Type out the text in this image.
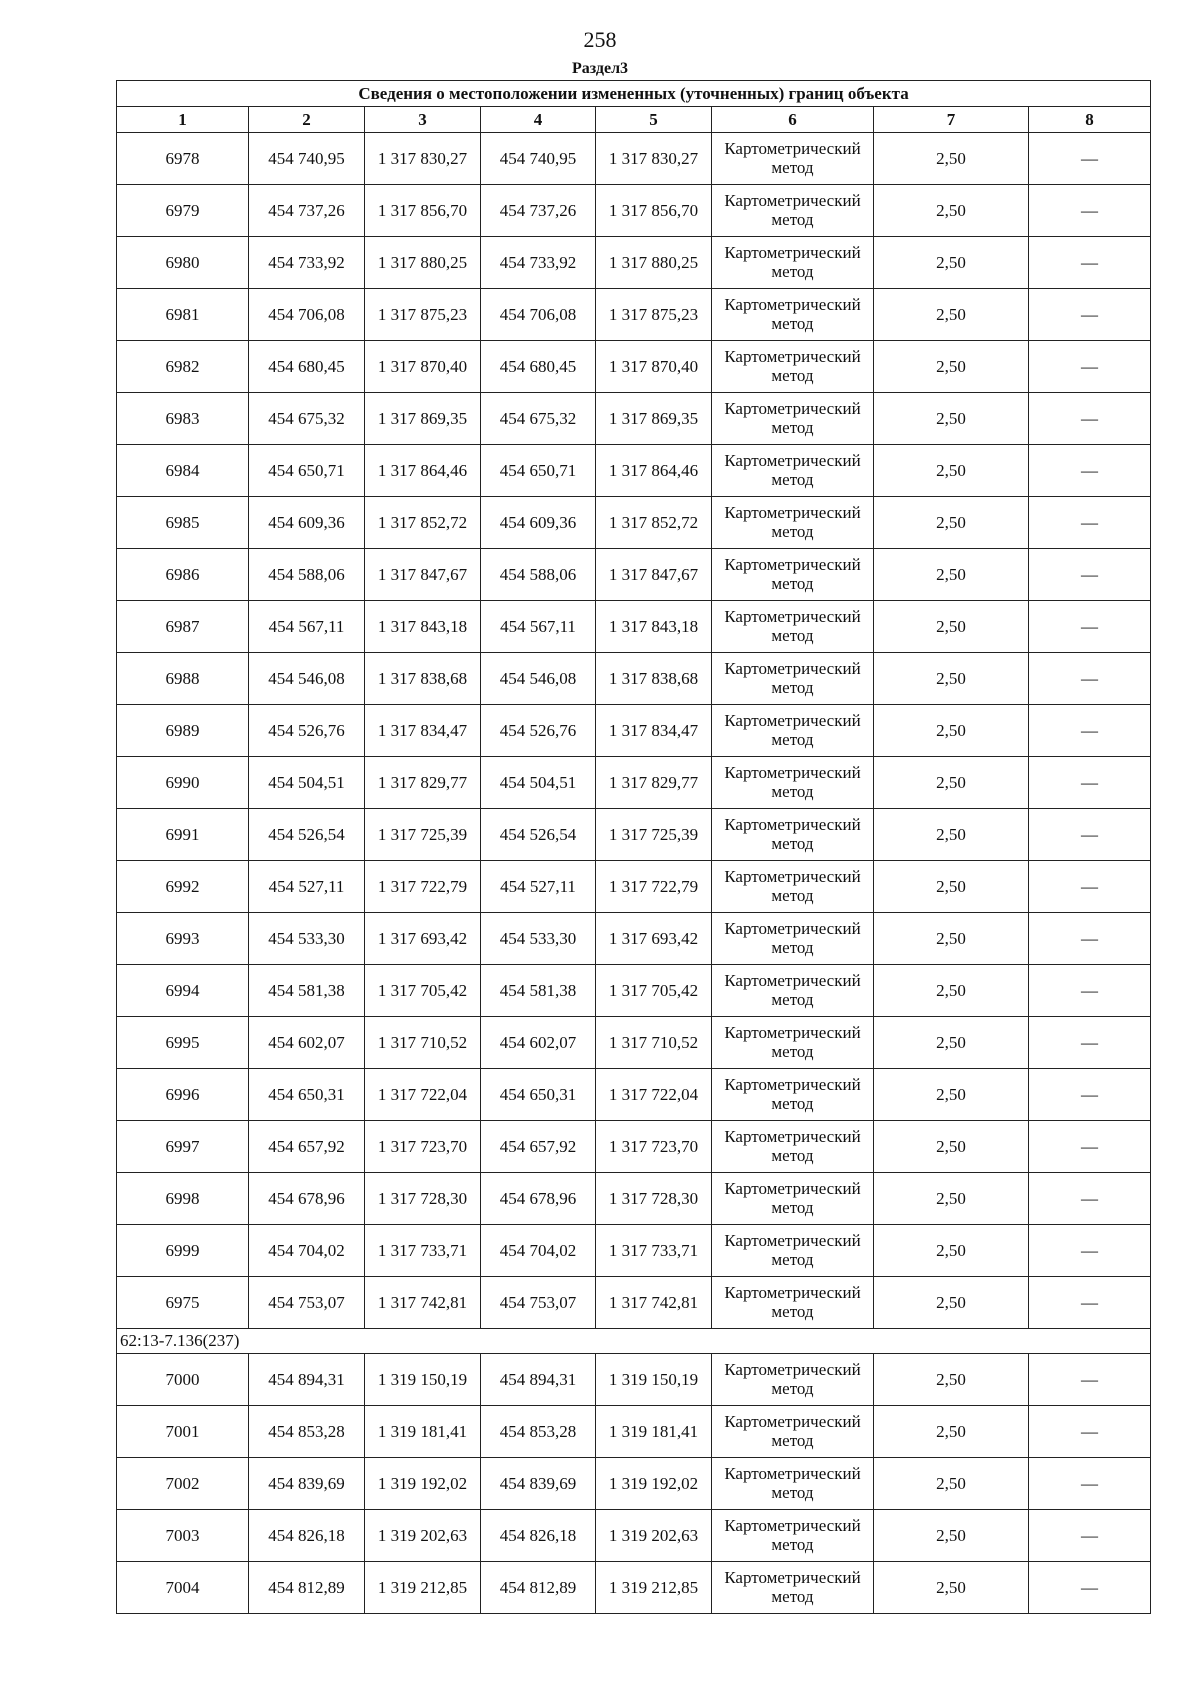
258
Раздел3
Сведения о местоположении измененных (уточненных) границ объекта							
1	2	3	4	5	6	7	8
6978	454 740,95	1 317 830,27	454 740,95	1 317 830,27	Картометрический метод	2,50	—
6979	454 737,26	1 317 856,70	454 737,26	1 317 856,70	Картометрический метод	2,50	—
6980	454 733,92	1 317 880,25	454 733,92	1 317 880,25	Картометрический метод	2,50	—
6981	454 706,08	1 317 875,23	454 706,08	1 317 875,23	Картометрический метод	2,50	—
6982	454 680,45	1 317 870,40	454 680,45	1 317 870,40	Картометрический метод	2,50	—
6983	454 675,32	1 317 869,35	454 675,32	1 317 869,35	Картометрический метод	2,50	—
6984	454 650,71	1 317 864,46	454 650,71	1 317 864,46	Картометрический метод	2,50	—
6985	454 609,36	1 317 852,72	454 609,36	1 317 852,72	Картометрический метод	2,50	—
6986	454 588,06	1 317 847,67	454 588,06	1 317 847,67	Картометрический метод	2,50	—
6987	454 567,11	1 317 843,18	454 567,11	1 317 843,18	Картометрический метод	2,50	—
6988	454 546,08	1 317 838,68	454 546,08	1 317 838,68	Картометрический метод	2,50	—
6989	454 526,76	1 317 834,47	454 526,76	1 317 834,47	Картометрический метод	2,50	—
6990	454 504,51	1 317 829,77	454 504,51	1 317 829,77	Картометрический метод	2,50	—
6991	454 526,54	1 317 725,39	454 526,54	1 317 725,39	Картометрический метод	2,50	—
6992	454 527,11	1 317 722,79	454 527,11	1 317 722,79	Картометрический метод	2,50	—
6993	454 533,30	1 317 693,42	454 533,30	1 317 693,42	Картометрический метод	2,50	—
6994	454 581,38	1 317 705,42	454 581,38	1 317 705,42	Картометрический метод	2,50	—
6995	454 602,07	1 317 710,52	454 602,07	1 317 710,52	Картометрический метод	2,50	—
6996	454 650,31	1 317 722,04	454 650,31	1 317 722,04	Картометрический метод	2,50	—
6997	454 657,92	1 317 723,70	454 657,92	1 317 723,70	Картометрический метод	2,50	—
6998	454 678,96	1 317 728,30	454 678,96	1 317 728,30	Картометрический метод	2,50	—
6999	454 704,02	1 317 733,71	454 704,02	1 317 733,71	Картометрический метод	2,50	—
6975	454 753,07	1 317 742,81	454 753,07	1 317 742,81	Картометрический метод	2,50	—
62:13-7.136(237)							
7000	454 894,31	1 319 150,19	454 894,31	1 319 150,19	Картометрический метод	2,50	—
7001	454 853,28	1 319 181,41	454 853,28	1 319 181,41	Картометрический метод	2,50	—
7002	454 839,69	1 319 192,02	454 839,69	1 319 192,02	Картометрический метод	2,50	—
7003	454 826,18	1 319 202,63	454 826,18	1 319 202,63	Картометрический метод	2,50	—
7004	454 812,89	1 319 212,85	454 812,89	1 319 212,85	Картометрический метод	2,50	—
